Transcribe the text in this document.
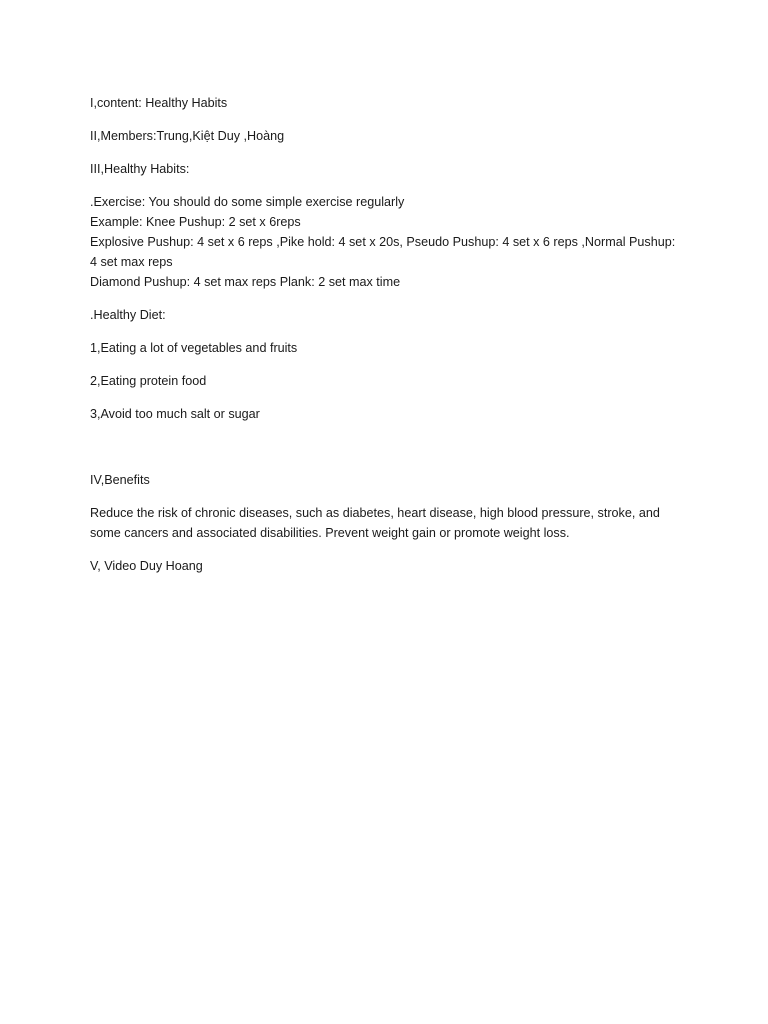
I,content: Healthy Habits

II,Members:Trung,Kiệt Duy ,Hoàng

III,Healthy Habits:

.Exercise: You should do some simple exercise regularly
Example: Knee Pushup: 2 set x 6reps
Explosive Pushup: 4 set x 6 reps ,Pike hold: 4 set x 20s, Pseudo Pushup: 4 set x 6 reps ,Normal Pushup: 4 set max reps
Diamond Pushup: 4 set max reps Plank: 2 set max time

.Healthy Diet:

1,Eating a lot of vegetables and fruits

2,Eating protein food

3,Avoid too much salt or sugar

IV,Benefits

Reduce the risk of chronic diseases, such as diabetes, heart disease, high blood pressure, stroke, and some cancers and associated disabilities. Prevent weight gain or promote weight loss.

V, Video Duy Hoang
